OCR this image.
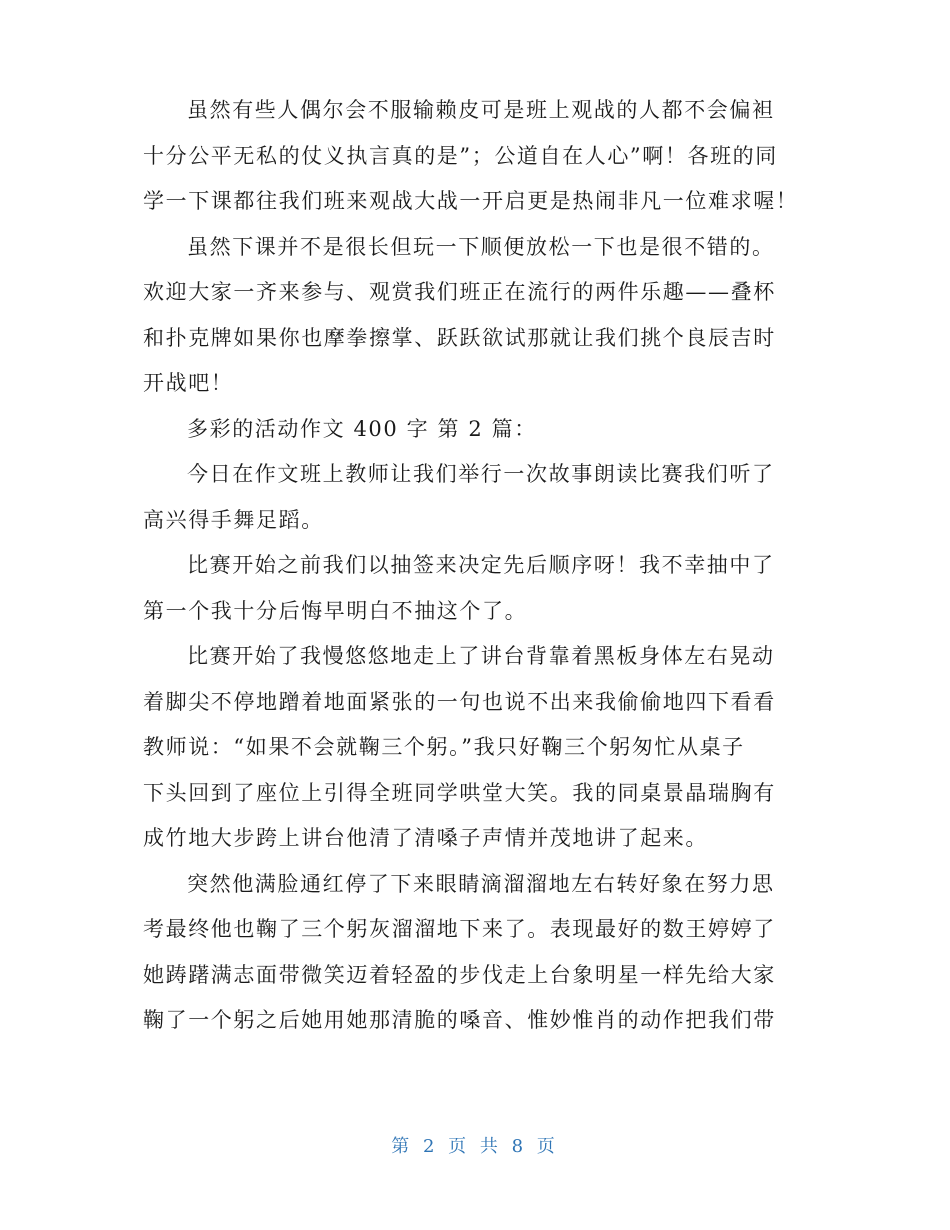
虽然有些人偶尔会不服输赖皮可是班上观战的人都不会偏袒
十分公平无私的仗义执言真的是”；公道自在人心”啊！各班的同
学一下课都往我们班来观战大战一开启更是热闹非凡一位难求喔！
虽然下课并不是很长但玩一下顺便放松一下也是很不错的。
欢迎大家一齐来参与、观赏我们班正在流行的两件乐趣——叠杯
和扑克牌如果你也摩拳擦掌、跃跃欲试那就让我们挑个良辰吉时
开战吧！
多彩的活动作文 400 字 第 2 篇：
今日在作文班上教师让我们举行一次故事朗读比赛我们听了
高兴得手舞足蹈。
比赛开始之前我们以抽签来决定先后顺序呀！我不幸抽中了
第一个我十分后悔早明白不抽这个了。
比赛开始了我慢悠悠地走上了讲台背靠着黑板身体左右晃动
着脚尖不停地蹭着地面紧张的一句也说不出来我偷偷地四下看看
教师说：“如果不会就鞠三个躬。”我只好鞠三个躬匆忙从桌子
下头回到了座位上引得全班同学哄堂大笑。我的同桌景晶瑞胸有
成竹地大步跨上讲台他清了清嗓子声情并茂地讲了起来。
突然他满脸通红停了下来眼睛滴溜溜地左右转好象在努力思
考最终他也鞠了三个躬灰溜溜地下来了。表现最好的数王婷婷了
她踌躇满志面带微笑迈着轻盈的步伐走上台象明星一样先给大家
鞠了一个躬之后她用她那清脆的嗓音、惟妙惟肖的动作把我们带
第 2 页 共 8 页
